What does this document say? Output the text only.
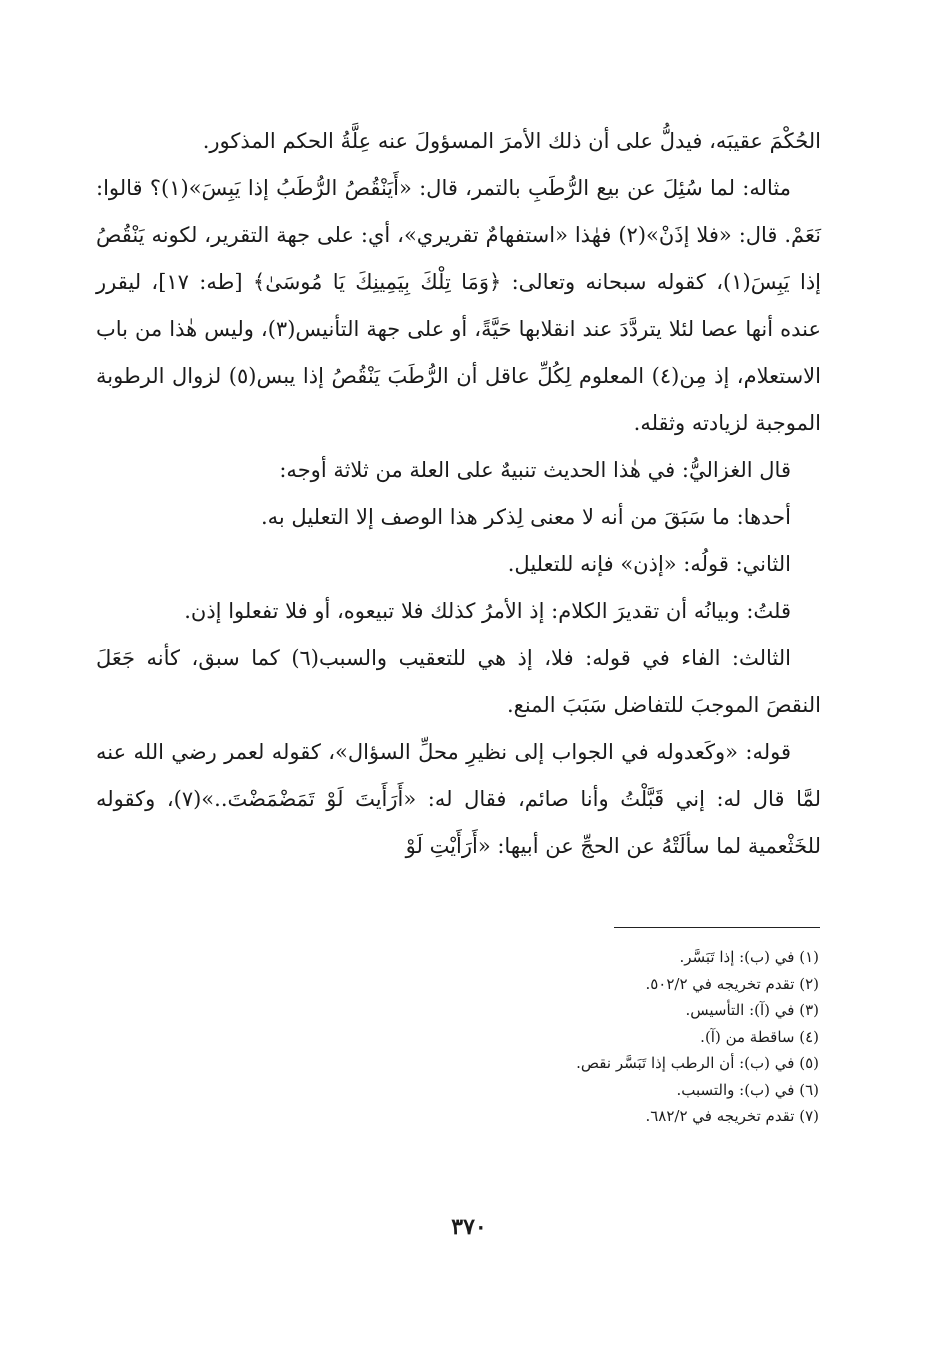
الحُكْمَ عقيبَه، فيدلُّ على أن ذلك الأمرَ المسؤولَ عنه عِلَّةُ الحكم المذكور.

مثاله: لما سُئِلَ عن بيع الرُّطَبِ بالتمر، قال: «أَيَنْقُصُ الرُّطَبُ إذا يَبِسَ»(١)؟ قالوا: نَعَمْ. قال: «فلا إذَنْ»(٢) فهٰذا «استفهامٌ تقريري»، أي: على جهة التقرير، لكونه يَنْقُصُ إذا يَبِسَ(١)، كقوله سبحانه وتعالى: ﴿وَمَا تِلْكَ بِيَمِينِكَ يَا مُوسَىٰ﴾ [طه: ١٧]، ليقرر عنده أنها عصا لئلا يتردَّدَ عند انقلابها حَيَّةً، أو على جهة التأنيس(٣)، وليس هٰذا من باب الاستعلام، إذ مِن(٤) المعلوم لِكُلِّ عاقل أن الرُّطَبَ يَنْقُصُ إذا يبس(٥) لزوال الرطوبة الموجبة لزيادته وثقله.

قال الغزاليُّ: في هٰذا الحديث تنبيهٌ على العلة من ثلاثة أوجه:

أحدها: ما سَبَقَ من أنه لا معنى لِذكر هذا الوصف إلا التعليل به.

الثاني: قولُه: «إذن» فإنه للتعليل.

قلتُ: وبيانُه أن تقديرَ الكلام: إذ الأمرُ كذلك فلا تبيعوه، أو فلا تفعلوا إذن.

الثالث: الفاء في قوله: فلا، إذ هي للتعقيب والسبب(٦) كما سبق، كأنه جَعَلَ النقصَ الموجبَ للتفاضل سَبَبَ المنع.

قوله: «وكَعدوله في الجواب إلى نظيرِ محلِّ السؤال»، كقوله لعمر رضي الله عنه لمَّا قال له: إني قَبَّلْتُ وأنا صائم، فقال له: «أَرَأَيتَ لَوْ تَمَضْمَضْتَ..»(٧)، وكقوله للخَثْعمية لما سألَتْهُ عن الحجِّ عن أبيها: «أَرَأَيْتِ لَوْ

(١) في (ب): إذا تَبَسَّر.

(٢) تقدم تخريجه في ٥٠٢/٢.

(٣) في (آ): التأسيس.

(٤) ساقطة من (آ).

(٥) في (ب): أن الرطب إذا تَبَسَّر نقص.

(٦) في (ب): والتسبب.

(٧) تقدم تخريجه في ٦٨٢/٢.

٣٧٠
